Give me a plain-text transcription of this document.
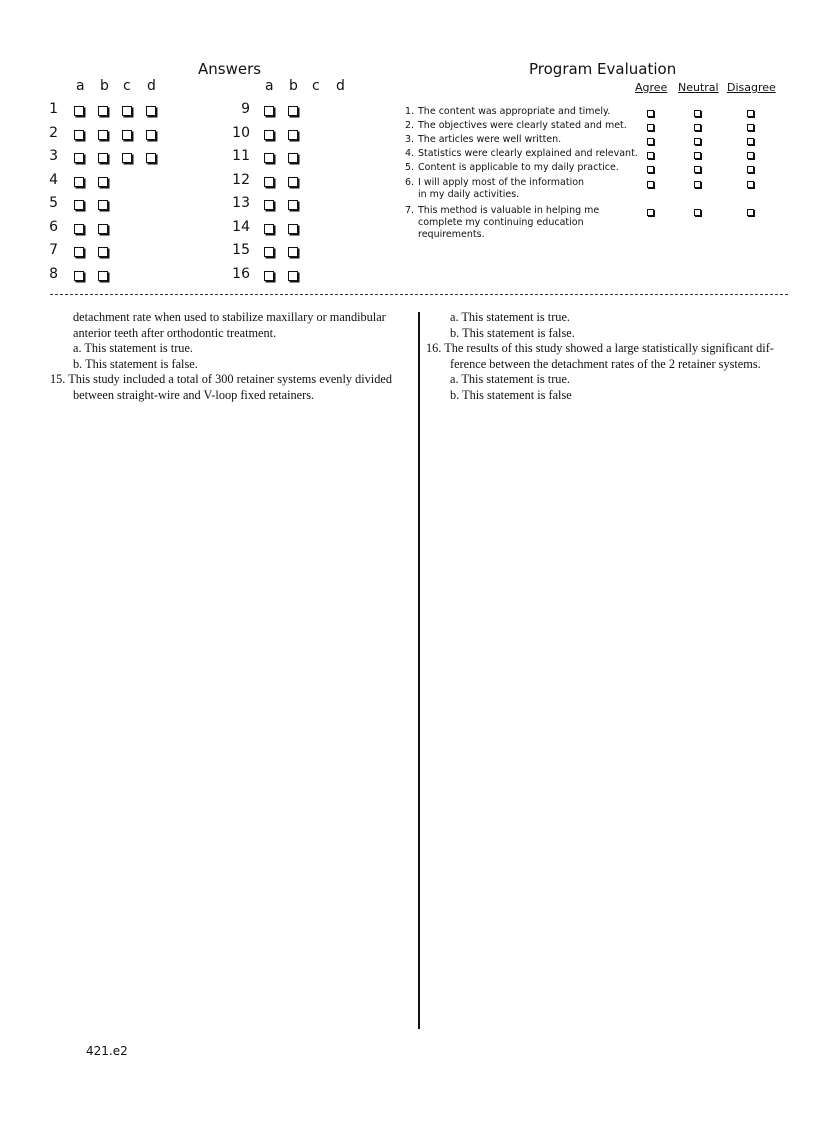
Answers
a b c d	a b c d
1
2
3
4
5
6
7
8
9
10
11
12
13
14
15
16
Program Evaluation
Agree Neutral Disagree
1. The content was appropriate and timely.
2. The objectives were clearly stated and met.
3. The articles were well written.
4. Statistics were clearly explained and relevant.
5. Content is applicable to my daily practice.
6. I will apply most of the information
in my daily activities.
7. This method is valuable in helping me
complete my continuing education
requirements.
detachment rate when used to stabilize maxillary or mandibular
anterior teeth after orthodontic treatment.
a. This statement is true.
b. This statement is false.
15. This study included a total of 300 retainer systems evenly divided
between straight-wire and V-loop fixed retainers.
a. This statement is true.
b. This statement is false.
16. The results of this study showed a large statistically significant dif-
ference between the detachment rates of the 2 retainer systems.
a. This statement is true.
b. This statement is false
421.e2
